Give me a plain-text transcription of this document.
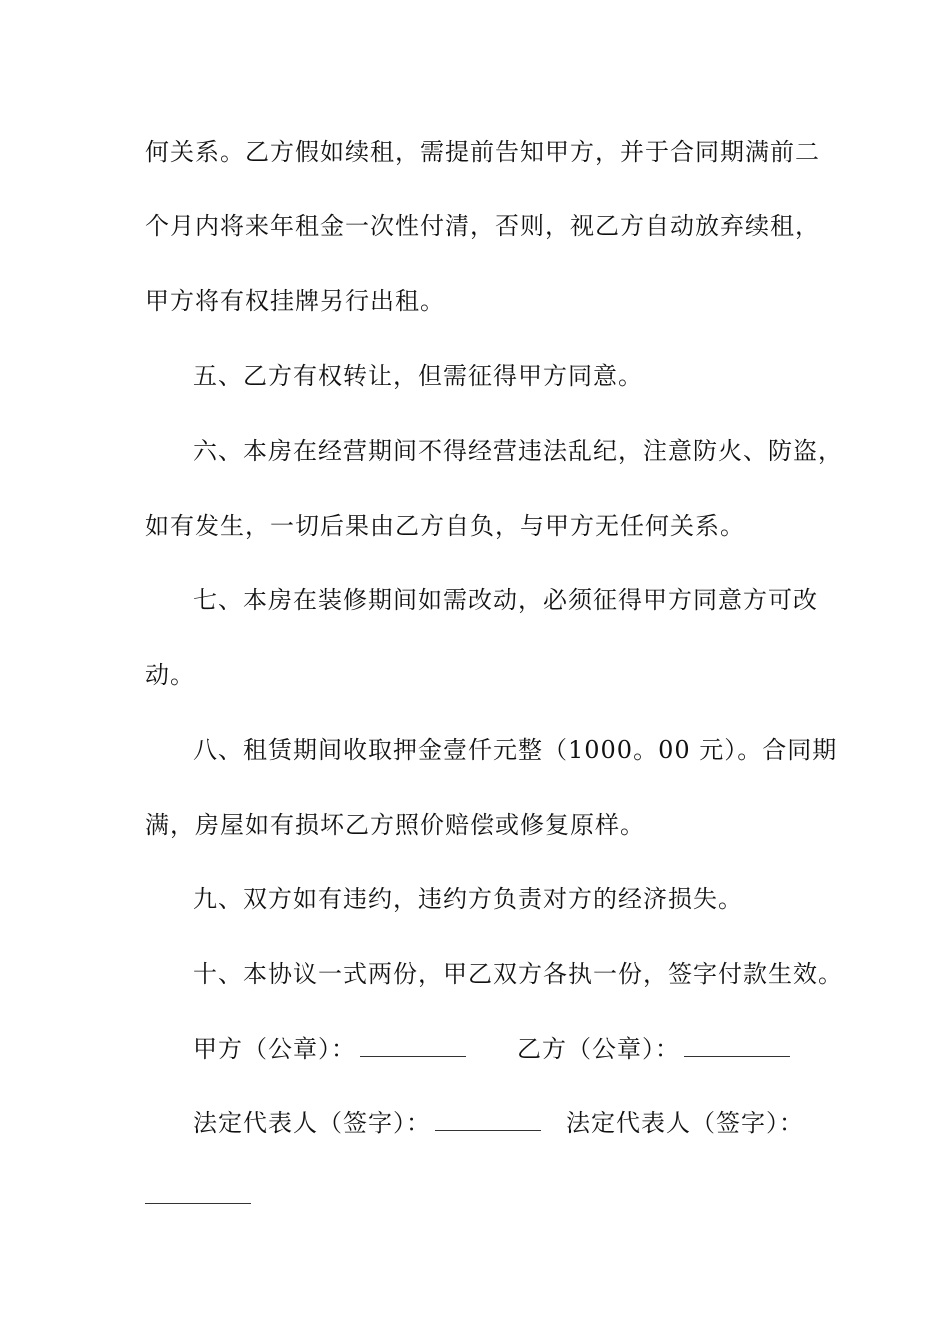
何关系。乙方假如续租，需提前告知甲方，并于合同期满前二
个月内将来年租金一次性付清，否则，视乙方自动放弃续租，
甲方将有权挂牌另行出租。
五、乙方有权转让，但需征得甲方同意。
六、本房在经营期间不得经营违法乱纪，注意防火、防盗，
如有发生，一切后果由乙方自负，与甲方无任何关系。
七、本房在装修期间如需改动，必须征得甲方同意方可改
动。
八、租赁期间收取押金壹仟元整（1000。00 元）。合同期
满，房屋如有损坏乙方照价赔偿或修复原样。
九、双方如有违约，违约方负责对方的经济损失。
十、本协议一式两份，甲乙双方各执一份，签字付款生效。
甲方（公章）：	乙方（公章）：
法定代表人（签字）：	法定代表人（签字）：
